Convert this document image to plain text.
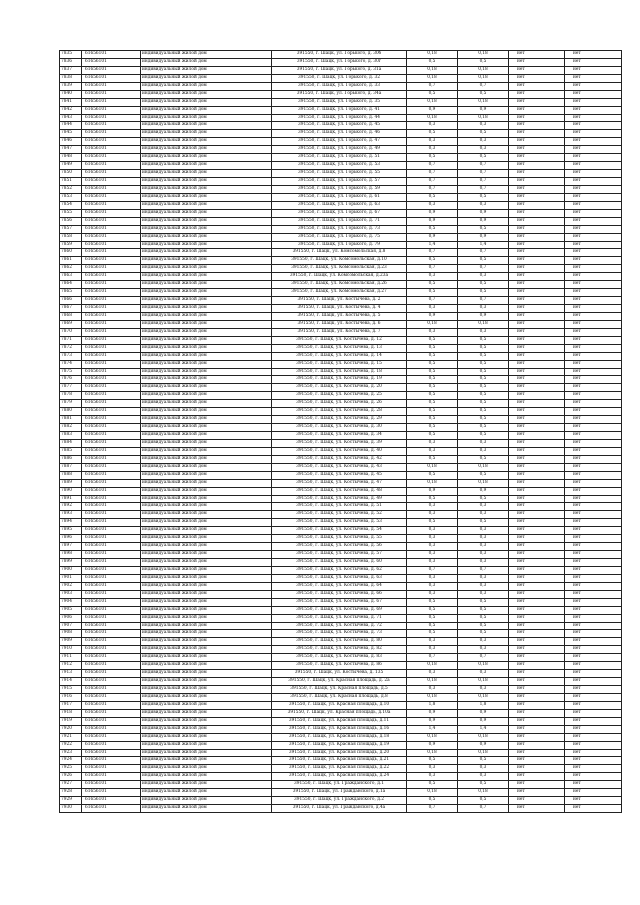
7835	61656101	индивидуальный жилой дом	391550, г. Шацк, ул. Горького, д. 30б	0,18	0,18	нет	нет
7836	61656101	индивидуальный жилой дом	391550, г. Шацк, ул. Горького, д. 30г	0,5	0,5	нет	нет
7837	61656101	индивидуальный жилой дом	391550, г. Шацк, ул. Горького, д. 31а	0,18	0,18	нет	нет
7838	61656101	индивидуальный жилой дом	391550, г. Шацк, ул. Горького, д. 32	0,18	0,18	нет	нет
7839	61656101	индивидуальный жилой дом	391550, г. Шацк, ул. Горького, д. 33	0,7	0,7	нет	нет
7840	61656101	индивидуальный жилой дом	391550, г. Шацк, ул. Горького, д. 34а	0,5	0,5	нет	нет
7841	61656101	индивидуальный жилой дом	391550, г. Шацк, ул. Горького, д. 35	0,18	0,18	нет	нет
7842	61656101	индивидуальный жилой дом	391550, г. Шацк, ул. Горького, д. 41	0,9	0,9	нет	нет
7843	61656101	индивидуальный жилой дом	391550, г. Шацк, ул. Горького, д. 44	0,18	0,18	нет	нет
7844	61656101	индивидуальный жилой дом	391550, г. Шацк, ул. Горького, д. 45	0,3	0,3	нет	нет
7845	61656101	индивидуальный жилой дом	391550, г. Шацк, ул. Горького, д. 46	0,5	0,5	нет	нет
7846	61656101	индивидуальный жилой дом	391550, г. Шацк, ул. Горького, д. 47	0,3	0,3	нет	нет
7847	61656101	индивидуальный жилой дом	391550, г. Шацк, ул. Горького, д. 49	0,3	0,3	нет	нет
7848	61656101	индивидуальный жилой дом	391550, г. Шацк, ул. Горького, д. 51	0,5	0,5	нет	нет
7849	61656101	индивидуальный жилой дом	391550, г. Шацк, ул. Горького, д. 53	0,7	0,7	нет	нет
7850	61656101	индивидуальный жилой дом	391550, г. Шацк, ул. Горького, д. 55	0,7	0,7	нет	нет
7851	61656101	индивидуальный жилой дом	391550, г. Шацк, ул. Горького, д. 57	0,7	0,7	нет	нет
7852	61656101	индивидуальный жилой дом	391550, г. Шацк, ул. Горького, д. 59	0,7	0,7	нет	нет
7853	61656101	индивидуальный жилой дом	391550, г. Шацк, ул. Горького, д. 61	0,5	0,5	нет	нет
7854	61656101	индивидуальный жилой дом	391550, г. Шацк, ул. Горького, д. 63	0,3	0,3	нет	нет
7855	61656101	индивидуальный жилой дом	391550, г. Шацк, ул. Горького, д. 67	0,9	0,9	нет	нет
7856	61656101	индивидуальный жилой дом	391550, г. Шацк, ул. Горького, д. 71	0,9	0,9	нет	нет
7857	61656101	индивидуальный жилой дом	391550, г. Шацк, ул. Горького, д. 73	0,5	0,5	нет	нет
7858	61656101	индивидуальный жилой дом	391550, г. Шацк, ул. Горького, д. 75	0,9	0,9	нет	нет
7859	61656101	индивидуальный жилой дом	391550, г. Шацк, ул. Горького, д. 79	1,4	1,4	нет	нет
7860	61656101	индивидуальный жилой дом	391550, г. Шацк, ул. Комсомольская, д.8	0,7	0,7	нет	нет
7861	61656101	индивидуальный жилой дом	391550, г. Шацк, ул. Комсомольская, д.10	0,5	0,5	нет	нет
7862	61656101	индивидуальный жилой дом	391550, г. Шацк, ул. Комсомольская, д.23	0,7	0,7	нет	нет
7863	61656101	индивидуальный жилой дом	391550, г. Шацк, ул. Комсомольская, д.23а	0,3	0,3	нет	нет
7864	61656101	индивидуальный жилой дом	391550, г. Шацк, ул. Комсомольская, д.26	0,5	0,5	нет	нет
7865	61656101	индивидуальный жилой дом	391550, г. Шацк, ул. Комсомольская, д.27	0,5	0,5	нет	нет
7866	61656101	индивидуальный жилой дом	391550, г. Шацк, ул. Костычева, д. 2	0,7	0,7	нет	нет
7867	61656101	индивидуальный жилой дом	391550, г. Шацк, ул. Костычева, д. 4	0,3	0,3	нет	нет
7868	61656101	индивидуальный жилой дом	391550, г. Шацк, ул. Костычева, д. 5	0,9	0,9	нет	нет
7869	61656101	индивидуальный жилой дом	391550, г. Шацк, ул. Костычева, д. 6	0,18	0,18	нет	нет
7870	61656101	индивидуальный жилой дом	391550, г. Шацк, ул. Костычева, д. 7	0,3	0,3	нет	нет
7871	61656101	индивидуальный жилой дом	391550, г. Шацк, ул. Костычева, д. 12	0,5	0,5	нет	нет
7872	61656101	индивидуальный жилой дом	391550, г. Шацк, ул. Костычева, д. 13	0,5	0,5	нет	нет
7873	61656101	индивидуальный жилой дом	391550, г. Шацк, ул. Костычева, д. 14	0,5	0,5	нет	нет
7874	61656101	индивидуальный жилой дом	391550, г. Шацк, ул. Костычева, д. 15	0,5	0,5	нет	нет
7875	61656101	индивидуальный жилой дом	391550, г. Шацк, ул. Костычева, д. 18	0,5	0,5	нет	нет
7876	61656101	индивидуальный жилой дом	391550, г. Шацк, ул. Костычева, д. 19	0,5	0,5	нет	нет
7877	61656101	индивидуальный жилой дом	391550, г. Шацк, ул. Костычева, д. 20	0,5	0,5	нет	нет
7878	61656101	индивидуальный жилой дом	391550, г. Шацк, ул. Костычева, д. 25	0,5	0,5	нет	нет
7879	61656101	индивидуальный жилой дом	391550, г. Шацк, ул. Костычева, д. 26	0,5	0,5	нет	нет
7880	61656101	индивидуальный жилой дом	391550, г. Шацк, ул. Костычева, д. 28	0,5	0,5	нет	нет
7881	61656101	индивидуальный жилой дом	391550, г. Шацк, ул. Костычева, д. 29	0,5	0,5	нет	нет
7882	61656101	индивидуальный жилой дом	391550, г. Шацк, ул. Костычева, д. 30	0,5	0,5	нет	нет
7883	61656101	индивидуальный жилой дом	391550, г. Шацк, ул. Костычева, д. 34	0,5	0,5	нет	нет
7884	61656101	индивидуальный жилой дом	391550, г. Шацк, ул. Костычева, д. 39	0,3	0,3	нет	нет
7885	61656101	индивидуальный жилой дом	391550, г. Шацк, ул. Костычева, д. 40	0,3	0,3	нет	нет
7886	61656101	индивидуальный жилой дом	391550, г. Шацк, ул. Костычева, д. 42	0,5	0,5	нет	нет
7887	61656101	индивидуальный жилой дом	391550, г. Шацк, ул. Костычева, д. 43	0,18	0,18	нет	нет
7888	61656101	индивидуальный жилой дом	391550, г. Шацк, ул. Костычева, д. 45	0,5	0,5	нет	нет
7889	61656101	индивидуальный жилой дом	391550, г. Шацк, ул. Костычева, д. 47	0,18	0,18	нет	нет
7890	61656101	индивидуальный жилой дом	391550, г. Шацк, ул. Костычева, д. 48	0,9	0,9	нет	нет
7891	61656101	индивидуальный жилой дом	391550, г. Шацк, ул. Костычева, д. 49	0,5	0,5	нет	нет
7892	61656101	индивидуальный жилой дом	391550, г. Шацк, ул. Костычева, д. 51	0,3	0,3	нет	нет
7893	61656101	индивидуальный жилой дом	391550, г. Шацк, ул. Костычева, д. 52	0,3	0,3	нет	нет
7894	61656101	индивидуальный жилой дом	391550, г. Шацк, ул. Костычева, д. 53	0,5	0,5	нет	нет
7895	61656101	индивидуальный жилой дом	391550, г. Шацк, ул. Костычева, д. 54	0,3	0,3	нет	нет
7896	61656101	индивидуальный жилой дом	391550, г. Шацк, ул. Костычева, д. 55	0,3	0,3	нет	нет
7897	61656101	индивидуальный жилой дом	391550, г. Шацк, ул. Костычева, д. 56	0,3	0,3	нет	нет
7898	61656101	индивидуальный жилой дом	391550, г. Шацк, ул. Костычева, д. 57	0,3	0,3	нет	нет
7899	61656101	индивидуальный жилой дом	391550, г. Шацк, ул. Костычева, д. 60	0,3	0,3	нет	нет
7900	61656101	индивидуальный жилой дом	391550, г. Шацк, ул. Костычева, д. 62	0,7	0,7	нет	нет
7901	61656101	индивидуальный жилой дом	391550, г. Шацк, ул. Костычева, д. 63	0,3	0,3	нет	нет
7902	61656101	индивидуальный жилой дом	391550, г. Шацк, ул. Костычева, д. 64	0,3	0,3	нет	нет
7903	61656101	индивидуальный жилой дом	391550, г. Шацк, ул. Костычева, д. 66	0,3	0,3	нет	нет
7904	61656101	индивидуальный жилой дом	391550, г. Шацк, ул. Костычева, д. 67	0,5	0,5	нет	нет
7905	61656101	индивидуальный жилой дом	391550, г. Шацк, ул. Костычева, д. 69	0,5	0,5	нет	нет
7906	61656101	индивидуальный жилой дом	391550, г. Шацк, ул. Костычева, д. 71	0,5	0,5	нет	нет
7907	61656101	индивидуальный жилой дом	391550, г. Шацк, ул. Костычева, д. 72	0,5	0,5	нет	нет
7908	61656101	индивидуальный жилой дом	391550, г. Шацк, ул. Костычева, д. 73	0,5	0,5	нет	нет
7909	61656101	индивидуальный жилой дом	391550, г. Шацк, ул. Костычева, д. 80	0,3	0,3	нет	нет
7910	61656101	индивидуальный жилой дом	391550, г. Шацк, ул. Костычева, д. 82	0,3	0,3	нет	нет
7911	61656101	индивидуальный жилой дом	391550, г. Шацк, ул. Костычева, д. 83	0,7	0,7	нет	нет
7912	61656101	индивидуальный жилой дом	391550, г. Шацк, ул. Костычева, д. 86	0,18	0,18	нет	нет
7913	61656101	индивидуальный жилой дом	391550, г. Шацк, ул. Костычева, д. 135	0,3	0,3	нет	нет
7914	61656101	индивидуальный жилой дом	391550, г. Шацк, ул. Красная площадь, д. 2а	0,18	0,18	нет	нет
7915	61656101	индивидуальный жилой дом	391550, г. Шацк, ул. Красная площадь, д.5	0,3	0,3	нет	нет
7916	61656101	индивидуальный жилой дом	391550, г. Шацк, ул. Красная площадь, д.8	0,18	0,18	нет	нет
7917	61656101	индивидуальный жилой дом	391550, г. Шацк, ул. Красная площадь, д.10	1,8	1,8	нет	нет
7918	61656101	индивидуальный жилой дом	391550, г. Шацк, ул. Красная площадь, д.10а	0,9	0,9	нет	нет
7919	61656101	индивидуальный жилой дом	391550, г. Шацк, ул. Красная площадь, д.11	0,9	0,9	нет	нет
7920	61656101	индивидуальный жилой дом	391550, г. Шацк, ул. Красная площадь, д.16	1,4	1,4	нет	нет
7921	61656101	индивидуальный жилой дом	391550, г. Шацк, ул. Красная площадь, д.18	0,18	0,18	нет	нет
7922	61656101	индивидуальный жилой дом	391550, г. Шацк, ул. Красная площадь, д.19	0,9	0,9	нет	нет
7923	61656101	индивидуальный жилой дом	391550, г. Шацк, ул. Красная площадь, д.20	0,18	0,18	нет	нет
7924	61656101	индивидуальный жилой дом	391550, г. Шацк, ул. Красная площадь, д.21	0,5	0,5	нет	нет
7925	61656101	индивидуальный жилой дом	391550, г. Шацк, ул. Красная площадь, д.22	0,3	0,3	нет	нет
7926	61656101	индивидуальный жилой дом	391550, г. Шацк, ул. Красная площадь, д.24	0,3	0,3	нет	нет
7927	61656101	индивидуальный жилой дом	391550, г. Шацк, ул. Гражданского, д.1	0,5	0,5	нет	нет
7928	61656101	индивидуальный жилой дом	391550, г. Шацк, ул. Гражданского, д.1а	0,18	0,18	нет	нет
7929	61656101	индивидуальный жилой дом	391550, г. Шацк, ул. Гражданского, д.2	0,5	0,5	нет	нет
7930	61656101	индивидуальный жилой дом	391550, г. Шацк, ул. Гражданского, д.4а	0,7	0,7	нет	нет
